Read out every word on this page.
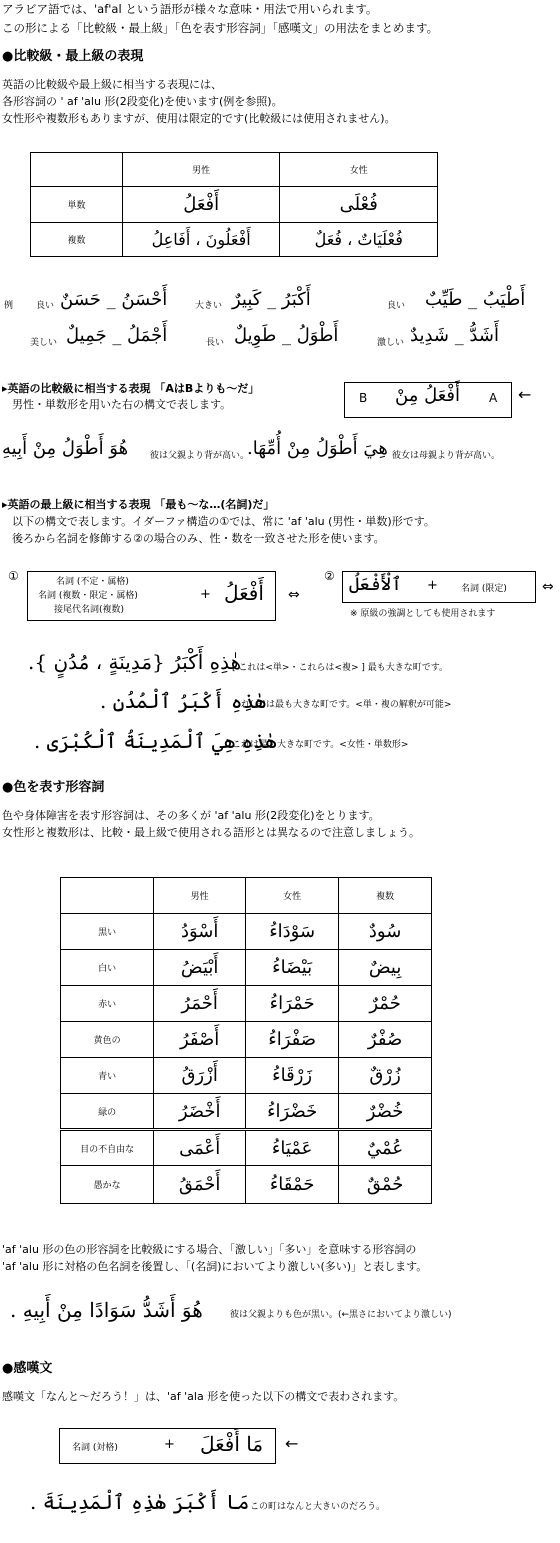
アラビア語では、'af'al という語形が様々な意味・用法で用いられます。
この形による「比較級・最上級」「色を表す形容詞」「感嘆文」の用法をまとめます。
●比較級・最上級の表現
英語の比較級や最上級に相当する表現には、
各形容詞の ' af 'alu 形(2段変化)を使います(例を参照)。
女性形や複数形もありますが、使用は限定的です(比較級には使用されません)。
	男性	女性
単数	أَفْعَلُ	فُعْلَى
複数	أَفْعَلُونَ ، أَفَاعِلُ	فُعْلَيَاتٌ ، فُعَلٌ
例	良い أَحْسَنُ _ حَسَنٌ	大きい أَكْبَرُ _ كَبِيرٌ	良い أَطْيَبُ _ طَيِّبٌ
美しい أَجْمَلُ _ جَمِيلٌ	長い أَطْوَلُ _ طَوِيلٌ	激しい أَشَدُّ _ شَدِيدٌ
▸英語の比較級に相当する表現 「AはBよりも～だ」
男性・単数形を用いた右の構文で表します。	B أَفْعَلُ مِنْ A ←
هُوَ أَطْوَلُ مِنْ أَبِيهِ 彼は父親より背が高い。
هِيَ أَطْوَلُ مِنْ أُمِّهَا. 彼女は母親より背が高い。
▸英語の最上級に相当する表現 「最も～な…(名詞)だ」
以下の構文で表します。イダーファ構造の①では、常に 'af 'alu (男性・単数)形です。
後ろから名詞を修飾する②の場合のみ、性・数を一致させた形を使います。
①	名詞 (不定・属格)
名詞 (複数・限定・属格)
接尾代名詞(複数)
+ أَفْعَلُ ⇔
② ٱلْأَفْعَلُ +	名詞 (限定)	⇔
※ 原級の強調としても使用されます
هٰذِهِ أَكْبَرُ {مَدِينَةٍ ، مُدُنٍ }.
[ これは<単>・これらは<複> ] 最も大きな町です。
هٰذِهِ أَكْبَرُ ٱلْمُدُنِ .
これ(ら)は最も大きな町です。<単・複の解釈が可能>
هٰذِهِ هِيَ ٱلْمَدِينَةُ ٱلْكُبْرَى .
これは最も大きな町です。<女性・単数形>
●色を表す形容詞
色や身体障害を表す形容詞は、その多くが 'af 'alu 形(2段変化)をとります。
女性形と複数形は、比較・最上級で使用される語形とは異なるので注意しましょう。
	男性	女性	複数
黒い	أَسْوَدُ	سَوْدَاءُ	سُودٌ
白い	أَبْيَضُ	بَيْضَاءُ	بِيضٌ
赤い	أَحْمَرُ	حَمْرَاءُ	حُمْرٌ
黄色の	أَصْفَرُ	صَفْرَاءُ	صُفْرٌ
青い	أَزْرَقُ	زَرْقَاءُ	زُرْقٌ
緑の	أَخْضَرُ	خَضْرَاءُ	خُضْرٌ
目の不自由な	أَعْمَى	عَمْيَاءُ	عُمْيٌ
愚かな	أَحْمَقُ	حَمْقَاءُ	حُمْقٌ
'af 'alu 形の色の形容詞を比較級にする場合、「激しい」「多い」を意味する形容詞の
'af 'alu 形に対格の色名詞を後置し、「(名詞)においてより激しい(多い)」と表します。
هُوَ أَشَدُّ سَوَادًا مِنْ أَبِيهِ .	彼は父親よりも色が黒い。(←黒さにおいてより激しい)
●感嘆文
感嘆文「なんと～だろう！」は、'af 'ala 形を使った以下の構文で表わされます。
名詞 (対格)	+ مَا أَفْعَلَ ←
مَا أَكْبَرَ هٰذِهِ ٱلْمَدِينَةَ . この町はなんと大きいのだろう。
